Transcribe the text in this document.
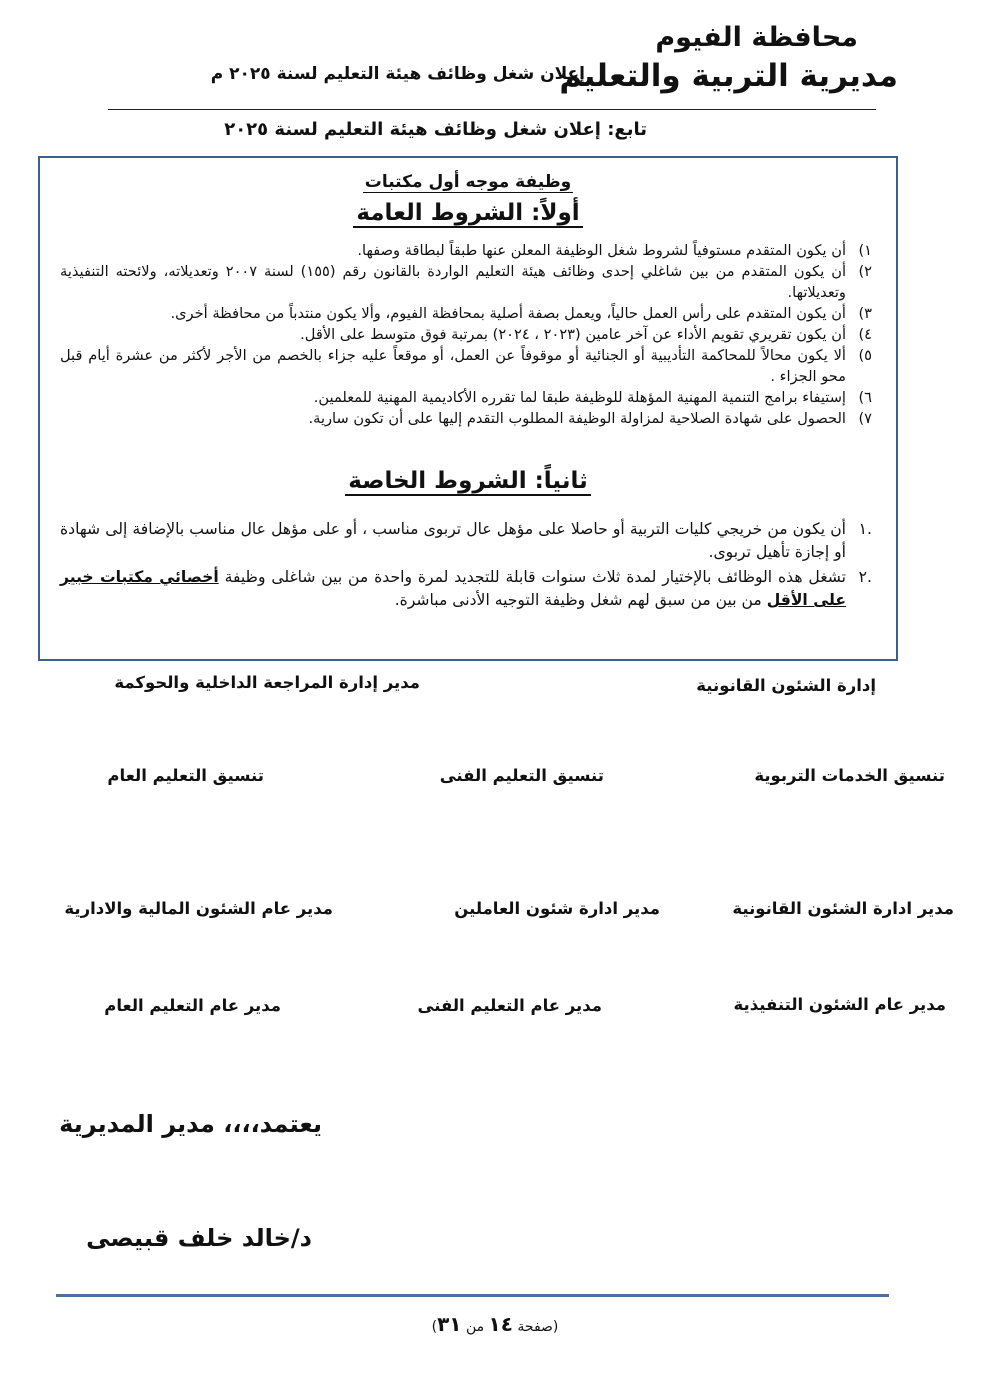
محافظة الفيوم
مديرية التربية والتعليم
إعلان شغل وظائف هيئة التعليم لسنة ٢٠٢٥ م
تابع: إعلان شغل وظائف هيئة التعليم لسنة ٢٠٢٥
وظيفة موجه أول مكتبات
أولاً: الشروط العامة
١)
أن يكون المتقدم مستوفياً لشروط شغل الوظيفة المعلن عنها طبقاً لبطاقة وصفها.
٢)
أن يكون المتقدم من بين شاغلي إحدى وظائف هيئة التعليم الواردة بالقانون رقم (١٥٥) لسنة ٢٠٠٧ وتعديلاته، ولائحته التنفيذية وتعديلاتها.
٣)
أن يكون المتقدم على رأس العمل حالياً، ويعمل بصفة أصلية بمحافظة الفيوم، وألا يكون منتدباً من محافظة أخرى.
٤)
أن يكون تقريري تقويم الأداء عن آخر عامين (٢٠٢٣ ، ٢٠٢٤) بمرتبة فوق متوسط على الأقل.
٥)
ألا يكون محالاً للمحاكمة التأديبية أو الجنائية أو موقوفاً عن العمل، أو موقعاً عليه جزاء بالخصم من الأجر لأكثر من عشرة أيام قبل محو الجزاء .
٦)
إستيفاء برامج التنمية المهنية المؤهلة للوظيفة طبقا لما تقرره الأكاديمية المهنية للمعلمين.
٧)
الحصول على شهادة الصلاحية لمزاولة الوظيفة المطلوب التقدم إليها على أن تكون سارية.
ثانياً: الشروط الخاصة
.١
أن يكون من خريجي كليات التربية أو حاصلا على مؤهل عال تربوى مناسب ، أو على مؤهل عال مناسب بالإضافة إلى شهادة أو إجازة تأهيل تربوى.
.٢
تشغل هذه الوظائف بالإختيار لمدة ثلاث سنوات قابلة للتجديد لمرة واحدة من بين شاغلى وظيفة أخصائي مكتبات خبير على الأقل من بين من سبق لهم شغل وظيفة التوجيه الأدنى مباشرة.
إدارة الشئون القانونية
مدير إدارة المراجعة الداخلية والحوكمة
تنسيق الخدمات التربوية
تنسيق التعليم الفنى
تنسيق التعليم العام
مدير ادارة الشئون القانونية
مدير ادارة شئون العاملين
مدير عام الشئون المالية والادارية
مدير عام الشئون التنفيذية
مدير عام التعليم الفنى
مدير عام التعليم العام
يعتمد،،،، مدير المديرية
د/خالد خلف قبيصى
(صفحة ١٤ من ٣١)
